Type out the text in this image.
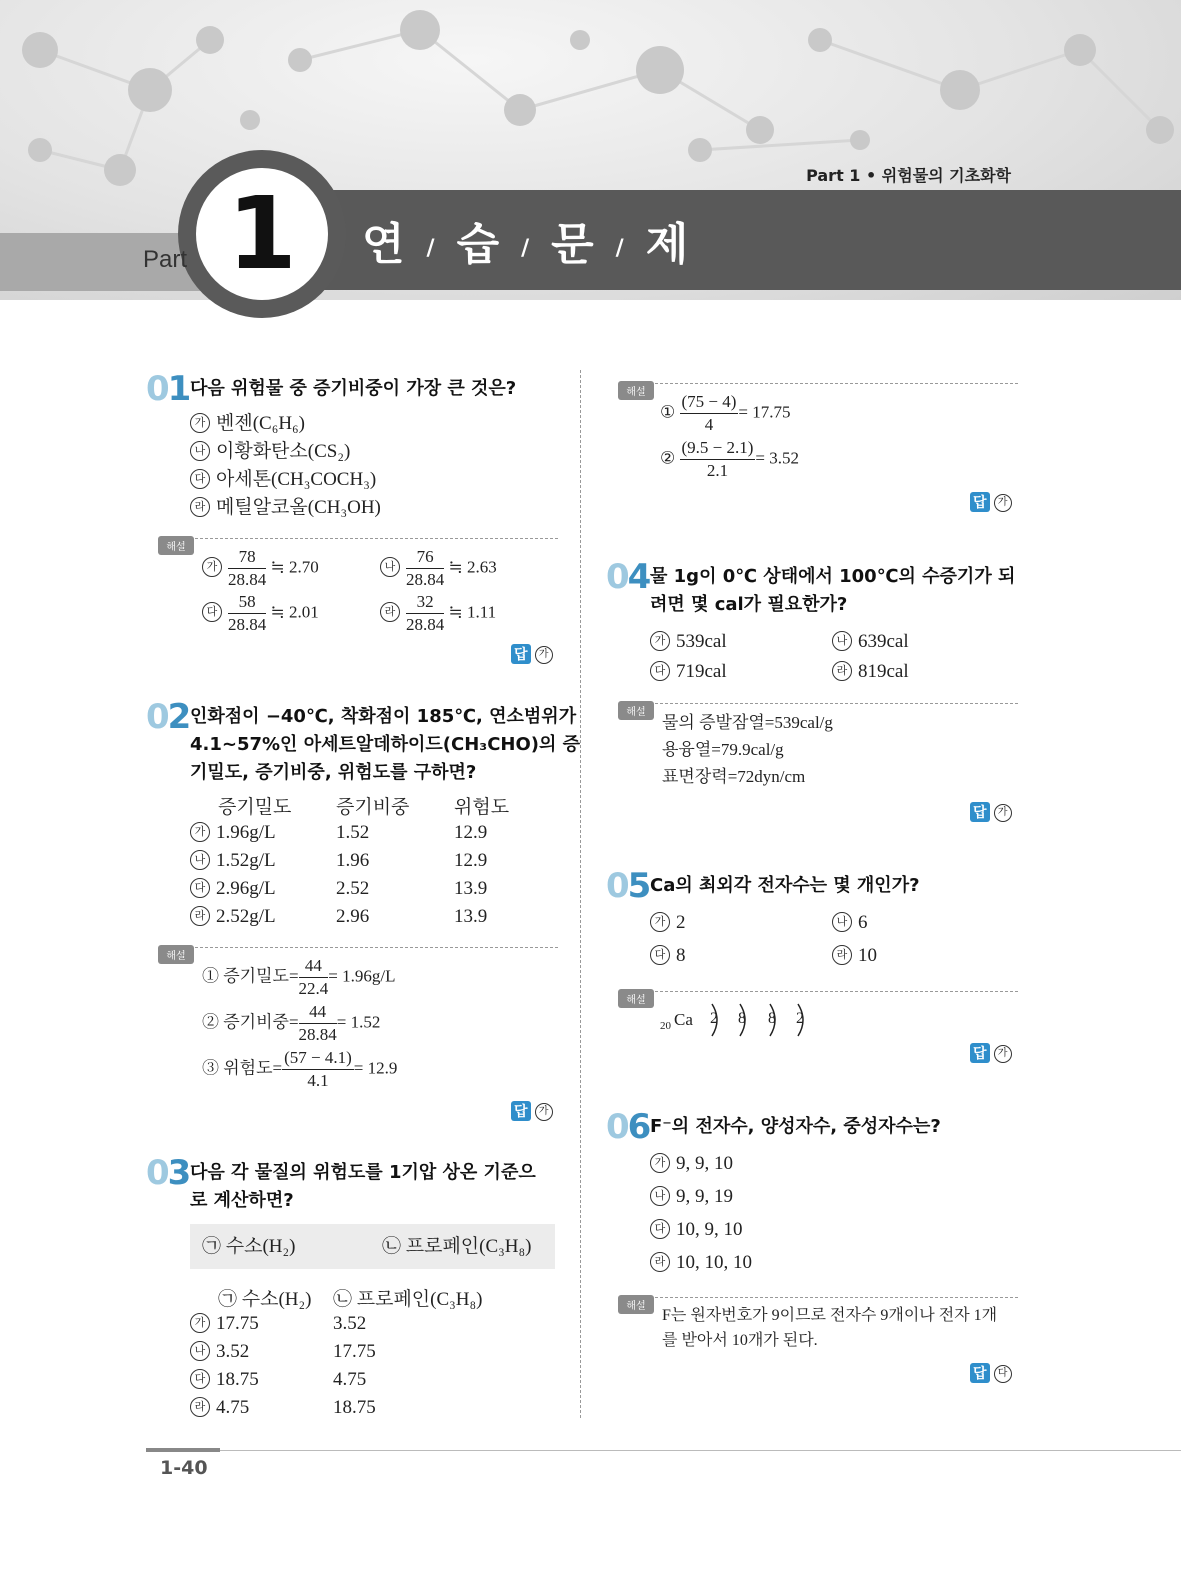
1
Part	연 / 습 / 문 / 제
Part 1 • 위험물의 기초화학
01 다음 위험물 중 증기비중이 가장 큰 것은?
가 벤젠(C₆H₆)
나 이황화탄소(CS₂)
다 아세톤(CH₃COCH₃)
라 메틸알코올(CH₃OH)
해설
가 $\frac{78}{28.84}$ ≒ 2.70	나 $\frac{76}{28.84}$ ≒ 2.63
다 $\frac{58}{28.84}$ ≒ 2.01	라 $\frac{32}{28.84}$ ≒ 1.11
답 가
02 인화점이 −40℃, 착화점이 185℃, 연소범위가
4.1∼57%인 아세트알데하이드(CH₃CHO)의 증
기밀도, 증기비중, 위험도를 구하면?
증기밀도 증기비중 위험도
가 1.96g/L	1.52	12.9
나 1.52g/L	1.96	12.9
다 2.96g/L	2.52	13.9
라 2.52g/L	2.96	13.9
해설
① 증기밀도= $\frac{44}{22.4} = 1.96g/L$
② 증기비중= $\frac{44}{28.84} = 1.52$
③ 위험도= $\frac{(57 - 4.1)}{4.1} = 12.9$
답 가
03 다음 각 물질의 위험도를 1기압 상온 기준으
로 계산하면?
㉠ 수소(H₂)	㉡ 프로페인(C₃H₈)
㉠ 수소(H₂) ㉡ 프로페인(C₃H₈)
가 17.75	3.52
나 3.52	17.75
다 18.75	4.75
라 4.75	18.75
해설
① $\frac{(75 - 4)}{4} = 17.75$
② $\frac{(9.5 - 2.1)}{2.1} = 3.52$
답 가
04 물 1g이 0℃ 상태에서 100℃의 수증기가 되
려면 몇 cal가 필요한가?
가 539cal	나 639cal
다 719cal	라 819cal
해설
물의 증발잠열=539cal/g
용융열=79.9cal/g
표면장력=72dyn/cm
답 가
05 Ca의 최외각 전자수는 몇 개인가?
가 2	나 6
다 8	라 10
해설
20 Ca 2 8 8 2
답 가
06 F⁻의 전자수, 양성자수, 중성자수는?
가 9, 9, 10
나 9, 9, 19
다 10, 9, 10
라 10, 10, 10
해설
F는 원자번호가 9이므로 전자수 9개이나 전자 1개
를 받아서 10개가 된다.
답 다
1-40
